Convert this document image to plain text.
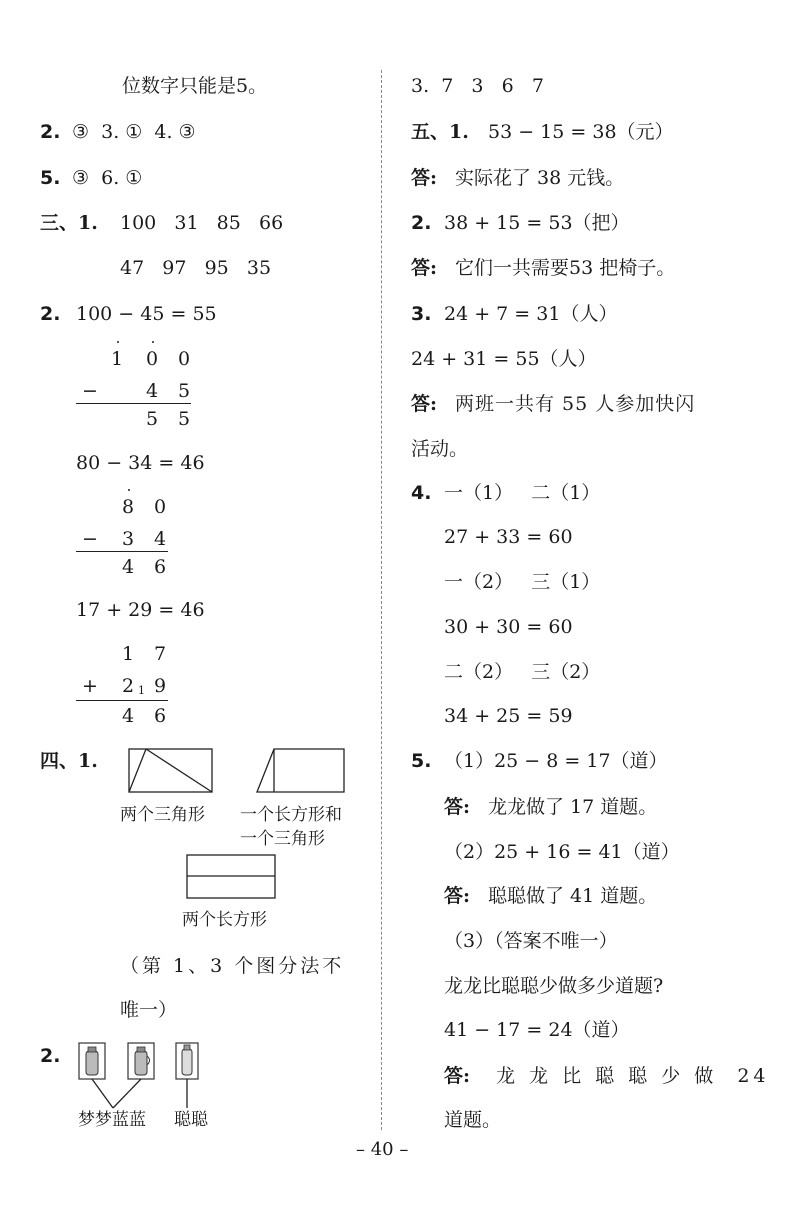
位数字只能是5。
2. ③  3. ①  4. ③
5. ③  6. ①
三、1. 100   31   85   66
47   97   95   35
2. 100 − 45 = 55
1 0 0
−	4 5
5 5
80 − 34 = 46
8 0
− 3 4
4 6
17 + 29 = 46
1 7
+ 2 1 9
4 6
四、1.
两个三角形 一个长方形和
一个三角形
两个长方形
（第 1、3 个图分法不
唯一）
2.
梦梦蓝蓝 聪聪
3.  7   3   6   7
五、1. 53 − 15 = 38（元）
答: 实际花了 38 元钱。
2. 38 + 15 = 53（把）
答: 它们一共需要53 把椅子。
3. 24 + 7 = 31（人）
24 + 31 = 55（人）
答: 两班一共有 55 人参加快闪
活动。
4. 一（1）   二（1）
27 + 33 = 60
一（2）   三（1）
30 + 30 = 60
二（2）   三（2）
34 + 25 = 59
5. （1）25 − 8 = 17（道）
答: 龙龙做了 17 道题。
（2）25 + 16 = 41（道）
答: 聪聪做了 41 道题。
（3）（答案不唯一）
龙龙比聪聪少做多少道题?
41 − 17 = 24（道）
答: 龙 龙 比 聪 聪 少 做  24
道题。
– 40 –
